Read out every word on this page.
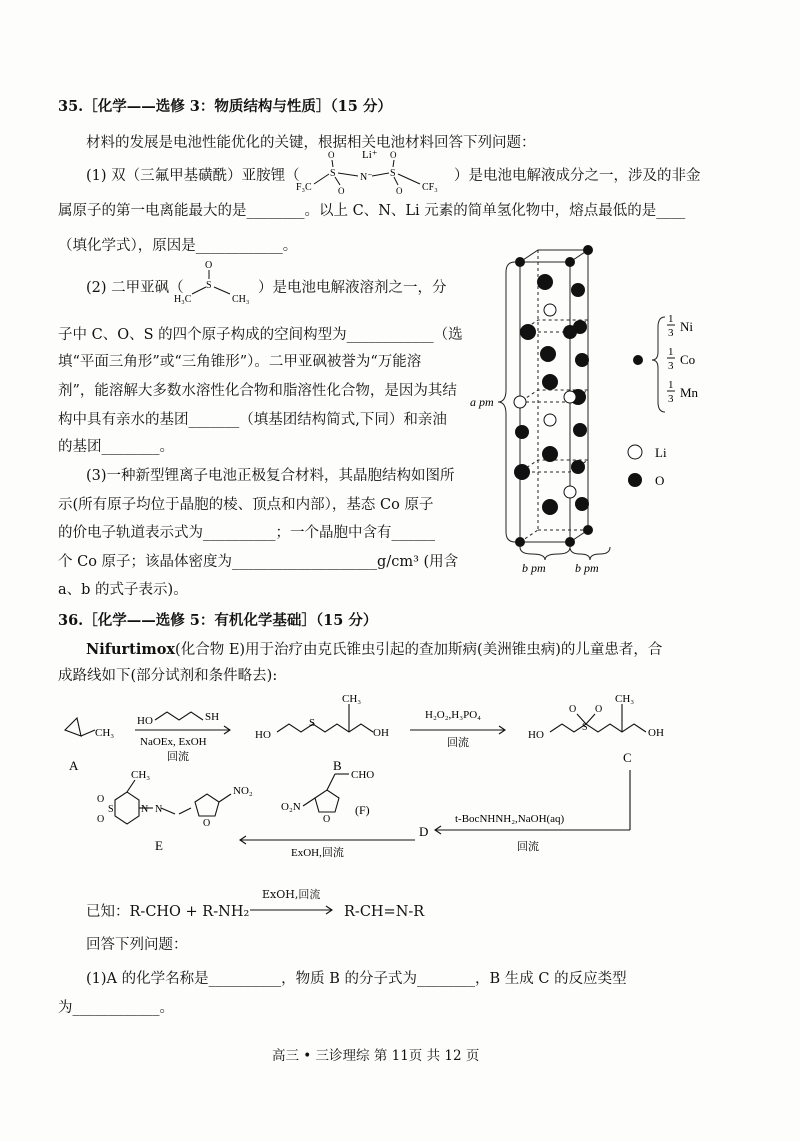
35.［化学——选修 3：物质结构与性质］（15 分）
材料的发展是电池性能优化的关键，根据相关电池材料回答下列问题：
(1) 双（三氟甲基磺酰）亚胺锂（
Li⁺
F₃C	CF₃
S	S
N⁻
O	O
O	O
）是电池电解液成分之一，涉及的非金
属原子的第一电离能最大的是________。以上 C、N、Li 元素的简单氢化物中，熔点最低的是____
（填化学式），原因是____________。
(2) 二甲亚砜（
O
S
H₃C	CH₃
）是电池电解液溶剂之一，分
子中 C、O、S 的四个原子构成的空间构型为____________（选
填“平面三角形”或“三角锥形”）。二甲亚砜被誉为“万能溶
剂”，能溶解大多数水溶性化合物和脂溶性化合物，是因为其结
构中具有亲水的基团_______（填基团结构简式,下同）和亲油
的基团________。
(3)一种新型锂离子电池正极复合材料，其晶胞结构如图所
示(所有原子均位于晶胞的棱、顶点和内部），基态 Co 原子
的价电子轨道表示式为__________；一个晶胞中含有______
个 Co 原子；该晶体密度为____________________g/cm³ (用含
a、b 的式子表示)。
a pm
b pm b pm
1
3 Ni
1
3 Co
1
3 Mn
Li
O
36.［化学——选修 5：有机化学基础］（15 分）
Nifurtimox(化合物 E)用于治疗由克氏锥虫引起的查加斯病(美洲锥虫病)的儿童患者，合
成路线如下(部分试剂和条件略去):
CH₃
A
HO	SH
NaOEx, ExOH
回流
HO
S
OH
CH₃
B
H₂O₂,H₃PO₄
回流
HO	OH
CH₃
O O
S
C
t-BocNHNH₂,NaOH(aq)
回流
D
CHO
O₂N
O
(F)
ExOH,回流
NO₂
CH₃
N N
O
O
S
O
E
已知：R-CHO + R-NH₂
ExOH,回流
R-CH=N-R
回答下列问题：
(1)A 的化学名称是__________，物质 B 的分子式为________，B 生成 C 的反应类型
为____________。
高三 • 三诊理综 第 11页 共 12 页
